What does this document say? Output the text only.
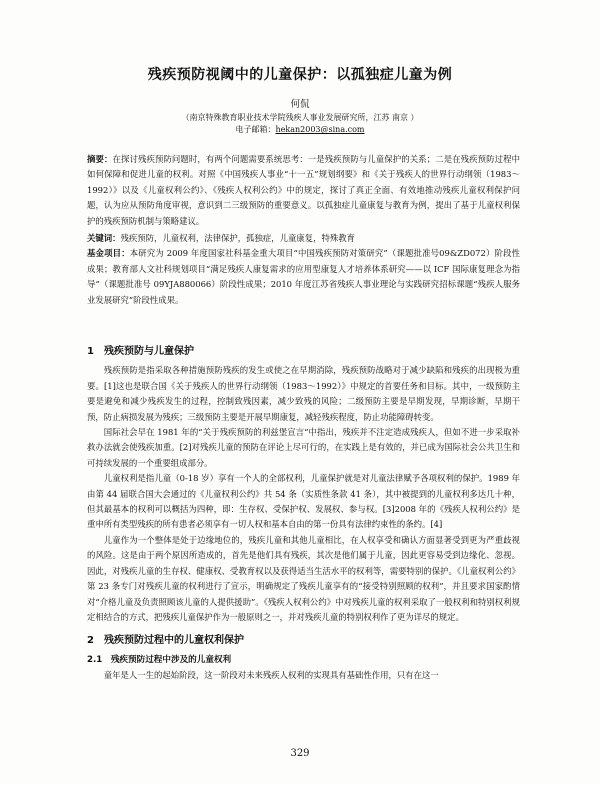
残疾预防视阈中的儿童保护：以孤独症儿童为例
何侃
（南京特殊教育职业技术学院残疾人事业发展研究所，江苏 南京 ）
电子邮箱：hekan2003@sina.com

摘要：在探讨残疾预防问题时，有两个问题需要系统思考：一是残疾预防与儿童保护的关系；二是在残疾预防过程中如何保障和促进儿童的权利。对照《中国残疾人事业“十一五”规划纲要》和《关于残疾人的世界行动纲领（1983～1992）》以及《儿童权利公约》、《残疾人权利公约》中的规定，探讨了真正全面、有效地推动残疾儿童权利保护问题，认为应从预防角度审视，意识到二三级预防的重要意义。以孤独症儿童康复与教育为例，提出了基于儿童权利保护的残疾预防机制与策略建议。

关键词：残疾预防，儿童权利，法律保护，孤独症，儿童康复，特殊教育

基金项目：本研究为 2009 年度国家社科基金重大项目“中国残疾预防对策研究”（课题批准号09&ZD072）阶段性成果；教育部人文社科规划项目“满足残疾人康复需求的应用型康复人才培养体系研究——以 ICF 国际康复理念为指导”（课题批准号 09YJA880066）阶段性成果；2010 年度江苏省残疾人事业理论与实践研究招标课题“残疾人服务业发展研究”阶段性成果。

1　残疾预防与儿童保护

残疾预防是指采取各种措施预防残疾的发生或使之在早期消除，残疾预防战略对于减少缺陷和残疾的出现极为重要。[1]这也是联合国《关于残疾人的世界行动纲领（1983～1992）》中规定的首要任务和目标。其中，一级预防主要是避免和减少残疾发生的过程，控制致残因素，减少致残的风险；二级预防主要是早期发现，早期诊断，早期干预，防止病损发展为残疾；三级预防主要是开展早期康复，减轻残疾程度，防止功能障碍转变。

国际社会早在 1981 年的“关于残疾预防的利兹堡宣言”中指出，残疾并不注定造成残疾人，但如不进一步采取补救办法就会使残疾加重。[2]对残疾儿童的预防在评论上尽可行的，在实践上是有效的，并已成为国际社会公共卫生和可持续发展的一个重要组成部分。

儿童权利是指儿童（0-18 岁）享有一个人的全部权利，儿童保护就是对儿童法律赋予各项权利的保护。1989 年由第 44 届联合国大会通过的《儿童权利公约》共 54 条（实质性条款 41 条），其中被提到的儿童权利多达几十种，但其最基本的权利可以概括为四种，即：生存权、受保护权、发展权、参与权。[3]2008 年的《残疾人权利公约》是重申所有类型残疾的所有患者必须享有一切人权和基本自由的第一份具有法律约束性的条约。[4]

儿童作为一个整体是处于边缘地位的，残疾儿童和其他儿童相比，在人权享受和确认方面显著受到更为严重歧视的风险。这是由于两个原因所造成的，首先是他们具有残疾，其次是他们属于儿童，因此更容易受到边缘化、忽视。因此，对残疾儿童的生存权、健康权、受教育权以及获得适当生活水平的权利等，需要特别的保护。《儿童权利公约》第 23 条专门对残疾儿童的权利进行了宣示，明确规定了残疾儿童享有的“接受特别照顾的权利”，并且要求国家酌情对“介格儿童及负责照顾该儿童的人提供援助”。《残疾人权利公约》中对残疾儿童的权利采取了一般权利和特别权利规定相结合的方式，把残疾儿童保护作为一般原则之一，并对残疾儿童的特别权利作了更为详尽的规定。

2　残疾预防过程中的儿童权利保护
2.1　残疾预防过程中涉及的儿童权利

童年是人一生的起始阶段，这一阶段对未来残疾人权利的实现具有基础性作用，只有在这一

329
